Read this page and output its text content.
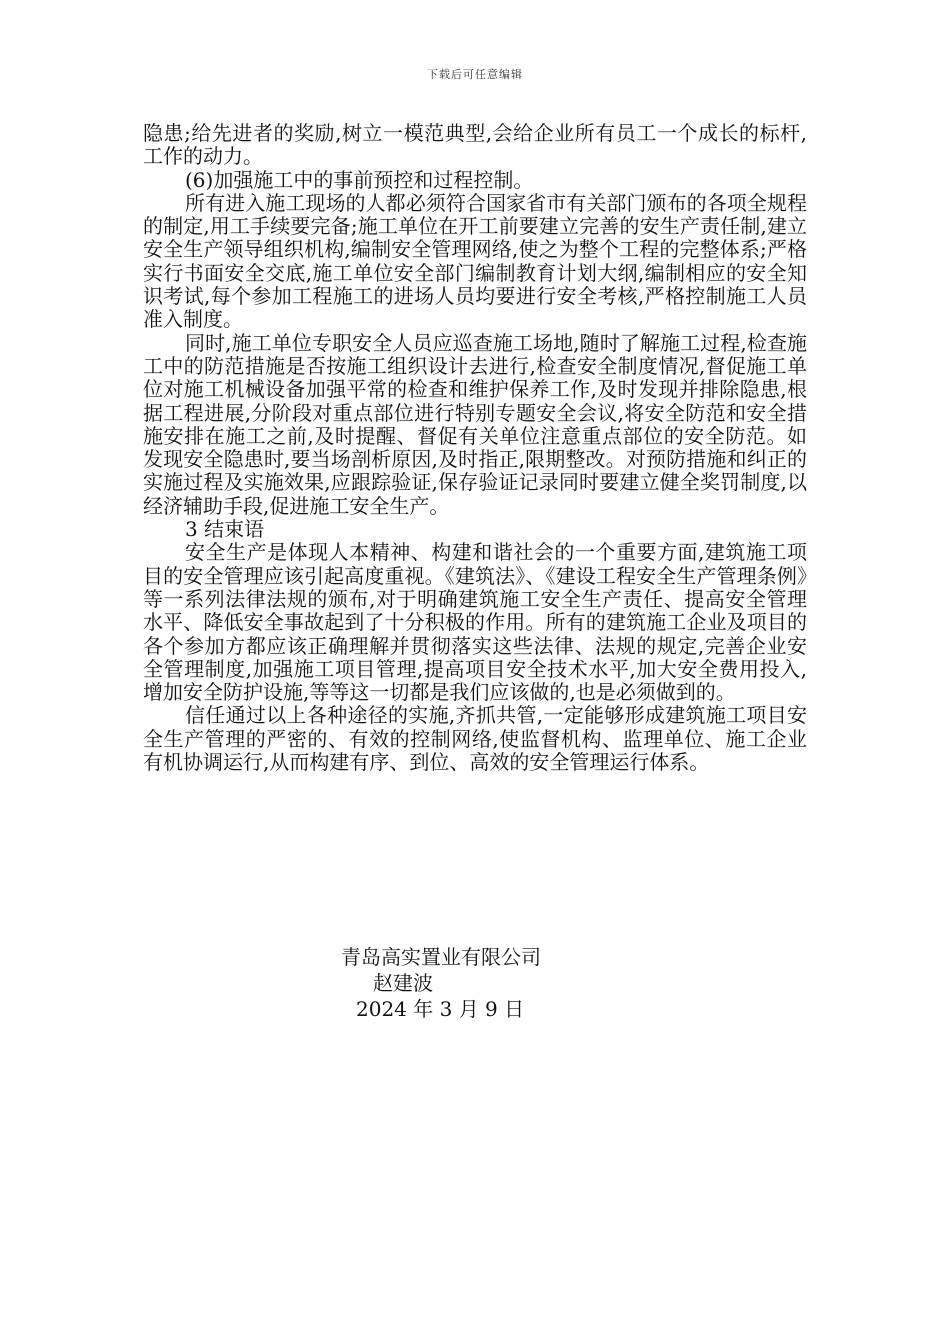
下载后可任意编辑

隐患;给先进者的奖励,树立一模范典型,会给企业所有员工一个成长的标杆,工作的动力。

(6)加强施工中的事前预控和过程控制。

所有进入施工现场的人都必须符合国家省市有关部门颁布的各项全规程的制定,用工手续要完备;施工单位在开工前要建立完善的安生产责任制,建立安全生产领导组织机构,编制安全管理网络,使之为整个工程的完整体系;严格实行书面安全交底,施工单位安全部门编制教育计划大纲,编制相应的安全知识考试,每个参加工程施工的进场人员均要进行安全考核,严格控制施工人员准入制度。

同时,施工单位专职安全人员应巡查施工场地,随时了解施工过程,检查施工中的防范措施是否按施工组织设计去进行,检查安全制度情况,督促施工单位对施工机械设备加强平常的检查和维护保养工作,及时发现并排除隐患,根据工程进展,分阶段对重点部位进行特别专题安全会议,将安全防范和安全措施安排在施工之前,及时提醒、督促有关单位注意重点部位的安全防范。如发现安全隐患时,要当场剖析原因,及时指正,限期整改。对预防措施和纠正的实施过程及实施效果,应跟踪验证,保存验证记录同时要建立健全奖罚制度,以经济辅助手段,促进施工安全生产。

3 结束语

安全生产是体现人本精神、构建和谐社会的一个重要方面,建筑施工项目的安全管理应该引起高度重视。《建筑法》、《建设工程安全生产管理条例》等一系列法律法规的颁布,对于明确建筑施工安全生产责任、提高安全管理水平、降低安全事故起到了十分积极的作用。所有的建筑施工企业及项目的各个参加方都应该正确理解并贯彻落实这些法律、法规的规定,完善企业安全管理制度,加强施工项目管理,提高项目安全技术水平,加大安全费用投入,增加安全防护设施,等等这一切都是我们应该做的,也是必须做到的。

信任通过以上各种途径的实施,齐抓共管,一定能够形成建筑施工项目安全生产管理的严密的、有效的控制网络,使监督机构、监理单位、施工企业有机协调运行,从而构建有序、到位、高效的安全管理运行体系。

青岛高实置业有限公司
赵建波
2024 年 3 月 9 日
